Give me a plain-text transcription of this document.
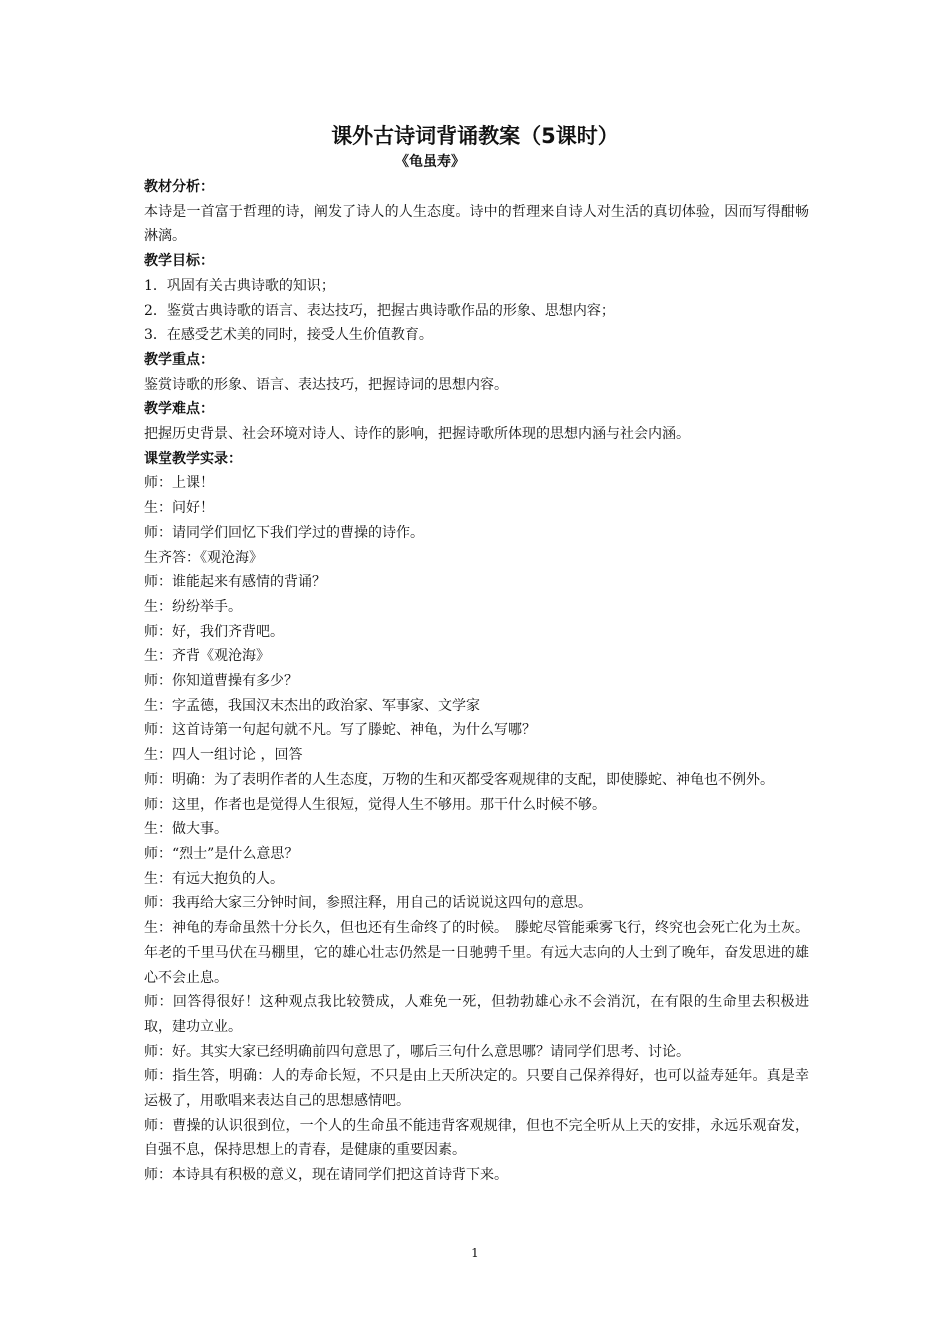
课外古诗词背诵教案（5课时）
《龟虽寿》

教材分析：

本诗是一首富于哲理的诗，阐发了诗人的人生态度。诗中的哲理来自诗人对生活的真切体验，因而写得酣畅淋漓。

教学目标：

1．巩固有关古典诗歌的知识；

2．鉴赏古典诗歌的语言、表达技巧，把握古典诗歌作品的形象、思想内容；

3．在感受艺术美的同时，接受人生价值教育。

教学重点：

鉴赏诗歌的形象、语言、表达技巧，把握诗词的思想内容。

教学难点：

把握历史背景、社会环境对诗人、诗作的影响，把握诗歌所体现的思想内涵与社会内涵。

课堂教学实录：

师：上课！

生：问好！

师：请同学们回忆下我们学过的曹操的诗作。

生齐答：《观沧海》

师：谁能起来有感情的背诵？

生：纷纷举手。

师：好，我们齐背吧。

生：齐背《观沧海》

师：你知道曹操有多少？

生：字孟德，我国汉末杰出的政治家、军事家、文学家

师：这首诗第一句起句就不凡。写了滕蛇、神龟，为什么写哪？

生：四人一组讨论 ，回答

师：明确：为了表明作者的人生态度，万物的生和灭都受客观规律的支配，即使滕蛇、神龟也不例外。

师：这里，作者也是觉得人生很短，觉得人生不够用。那干什么时候不够。

生：做大事。

师：“烈士”是什么意思？

生：有远大抱负的人。

师：我再给大家三分钟时间，参照注释，用自己的话说说这四句的意思。

生：神龟的寿命虽然十分长久，但也还有生命终了的时候。　滕蛇尽管能乘雾飞行，终究也会死亡化为土灰。年老的千里马伏在马棚里，它的雄心壮志仍然是一日驰骋千里。有远大志向的人士到了晚年，奋发思进的雄心不会止息。

师：回答得很好！这种观点我比较赞成，人难免一死，但勃勃雄心永不会消沉，在有限的生命里去积极进取，建功立业。

师：好。其实大家已经明确前四句意思了，哪后三句什么意思哪？请同学们思考、讨论。

师：指生答，明确：人的寿命长短，不只是由上天所决定的。只要自己保养得好，也可以益寿延年。真是幸运极了，用歌唱来表达自己的思想感情吧。

师：曹操的认识很到位，一个人的生命虽不能违背客观规律，但也不完全听从上天的安排，永远乐观奋发，自强不息，保持思想上的青春，是健康的重要因素。

师：本诗具有积极的意义，现在请同学们把这首诗背下来。

1
